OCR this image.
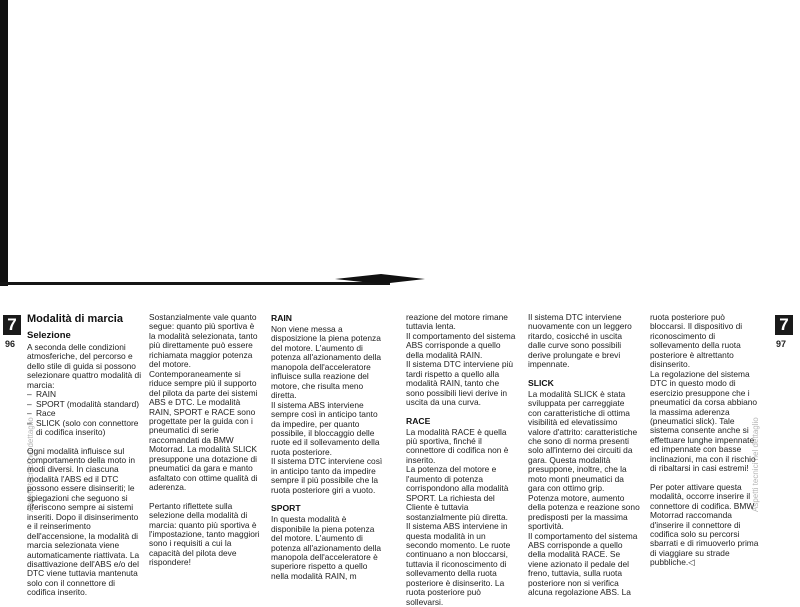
7
96
Aspetti tecnici nel dettaglio
7
97
Aspetti tecnici nel dettaglio
Modalità di marcia
Selezione

A seconda delle condizioni atmosferiche, del percorso e dello stile di guida si possono selezionare quattro modalità di marcia:

– RAIN
– SPORT (modalità standard)
– Race
– SLICK (solo con connettore di codifica inserito)

Ogni modalità influisce sul comportamento della moto in modi diversi. In ciascuna modalità l'ABS ed il DTC possono essere disinseriti; le spiegazioni che seguono si riferiscono sempre ai sistemi inseriti. Dopo il disinserimento e il reinserimento dell'accensione, la modalità di marcia selezionata viene automaticamente riattivata. La disattivazione dell'ABS e/o del DTC viene tuttavia mantenuta solo con il connettore di codifica inserito.

Sostanzialmente vale quanto segue: quanto più sportiva è la modalità selezionata, tanto più direttamente può essere richiamata maggior potenza del motore. Contemporaneamente si riduce sempre più il supporto del pilota da parte dei sistemi ABS e DTC. Le modalità RAIN, SPORT e RACE sono progettate per la guida con i pneumatici di serie raccomandati da BMW Motorrad. La modalità SLICK presuppone una dotazione di pneumatici da gara e manto asfaltato con ottime qualità di aderenza.

Pertanto riflettete sulla selezione della modalità di marcia: quanto più sportiva è l'impostazione, tanto maggiori sono i requisiti a cui la capacità del pilota deve rispondere!

RAIN

Non viene messa a disposizione la piena potenza del motore. L'aumento di potenza all'azionamento della manopola dell'acceleratore influisce sulla reazione del motore, che risulta meno diretta.

Il sistema ABS interviene sempre così in anticipo tanto da impedire, per quanto possibile, il bloccaggio delle ruote ed il sollevamento della ruota posteriore.

Il sistema DTC interviene così in anticipo tanto da impedire sempre il più possibile che la ruota posteriore giri a vuoto.

SPORT

In questa modalità è disponibile la piena potenza del motore. L'aumento di potenza all'azionamento della manopola dell'acceleratore è superiore rispetto a quello nella modalità RAIN, m

reazione del motore rimane tuttavia lenta.

Il comportamento del sistema ABS corrisponde a quello della modalità RAIN.

Il sistema DTC interviene più tardi rispetto a quello alla modalità RAIN, tanto che sono possibili lievi derive in uscita da una curva.

RACE

La modalità RACE è quella più sportiva, finché il connettore di codifica non è inserito.

La potenza del motore e l'aumento di potenza corrispondono alla modalità SPORT. La richiesta del Cliente è tuttavia sostanzialmente più diretta.

Il sistema ABS interviene in questa modalità in un secondo momento. Le ruote continuano a non bloccarsi, tuttavia il riconoscimento di sollevamento della ruota posteriore è disinserito. La ruota posteriore può sollevarsi.

Il sistema DTC interviene nuovamente con un leggero ritardo, cosicché in uscita dalle curve sono possibili derive prolungate e brevi impennate.

SLICK

La modalità SLICK è stata sviluppata per carreggiate con caratteristiche di ottima visibilità ed elevatissimo valore d'attrito: caratteristiche che sono di norma presenti solo all'interno dei circuiti da gara. Questa modalità presuppone, inoltre, che la moto monti pneumatici da gara con ottimo grip.

Potenza motore, aumento della potenza e reazione sono predisposti per la massima sportività.

Il comportamento del sistema ABS corrisponde a quello della modalità RACE. Se viene azionato il pedale del freno, tuttavia, sulla ruota posteriore non si verifica alcuna regolazione ABS. La

ruota posteriore può bloccarsi. Il dispositivo di riconoscimento di sollevamento della ruota posteriore è altrettanto disinserito.

La regolazione del sistema DTC in questo modo di esercizio presuppone che i pneumatici da corsa abbiano la massima aderenza (pneumatici slick). Tale sistema consente anche si effettuare lunghe impennate ed impennate con basse inclinazioni, ma con il rischio di ribaltarsi in casi estremi!

Per poter attivare questa modalità, occorre inserire il connettore di codifica. BMW Motorrad raccomanda d'inserire il connettore di codifica solo su percorsi sbarrati e di rimuoverlo prima di viaggiare su strade pubbliche.◁
